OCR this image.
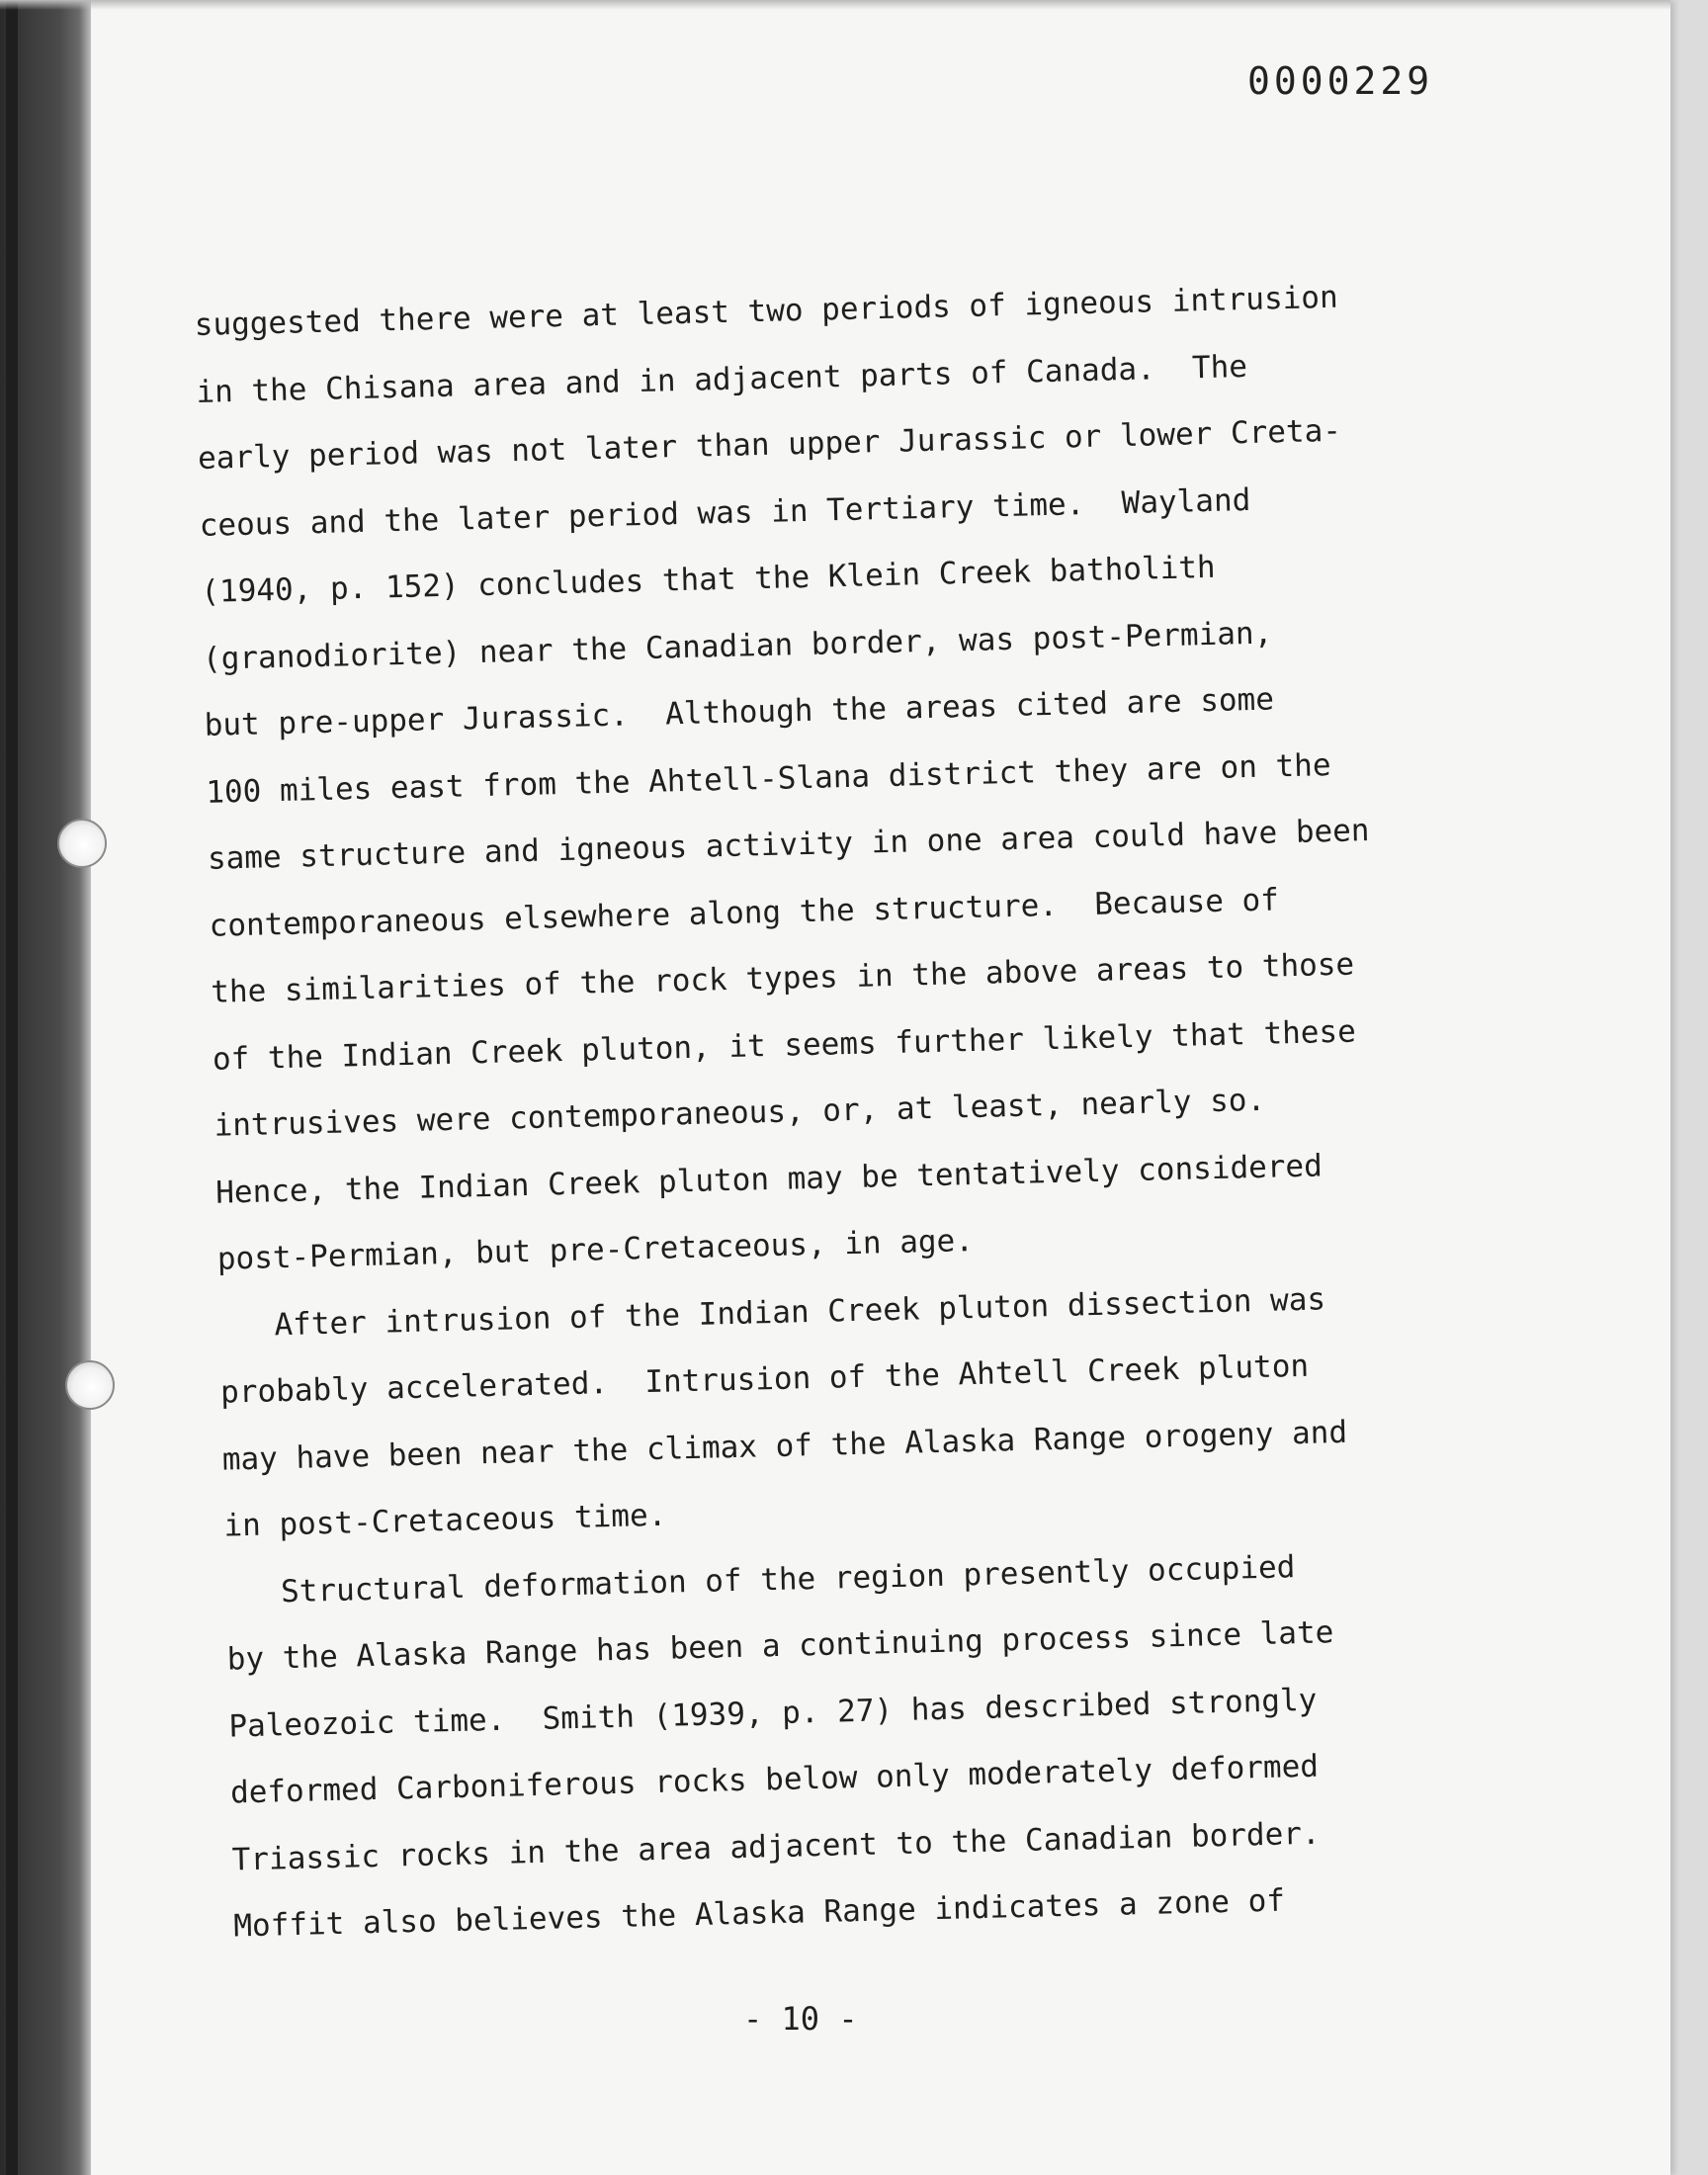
0000229
suggested there were at least two periods of igneous intrusion
in the Chisana area and in adjacent parts of Canada.  The
early period was not later than upper Jurassic or lower Creta-
ceous and the later period was in Tertiary time.  Wayland
(1940, p. 152) concludes that the Klein Creek batholith
(granodiorite) near the Canadian border, was post-Permian,
but pre-upper Jurassic.  Although the areas cited are some
100 miles east from the Ahtell-Slana district they are on the
same structure and igneous activity in one area could have been
contemporaneous elsewhere along the structure.  Because of
the similarities of the rock types in the above areas to those
of the Indian Creek pluton, it seems further likely that these
intrusives were contemporaneous, or, at least, nearly so.
Hence, the Indian Creek pluton may be tentatively considered
post-Permian, but pre-Cretaceous, in age.
After intrusion of the Indian Creek pluton dissection was
probably accelerated.  Intrusion of the Ahtell Creek pluton
may have been near the climax of the Alaska Range orogeny and
in post-Cretaceous time.
Structural deformation of the region presently occupied
by the Alaska Range has been a continuing process since late
Paleozoic time.  Smith (1939, p. 27) has described strongly
deformed Carboniferous rocks below only moderately deformed
Triassic rocks in the area adjacent to the Canadian border.
Moffit also believes the Alaska Range indicates a zone of
- 10 -
